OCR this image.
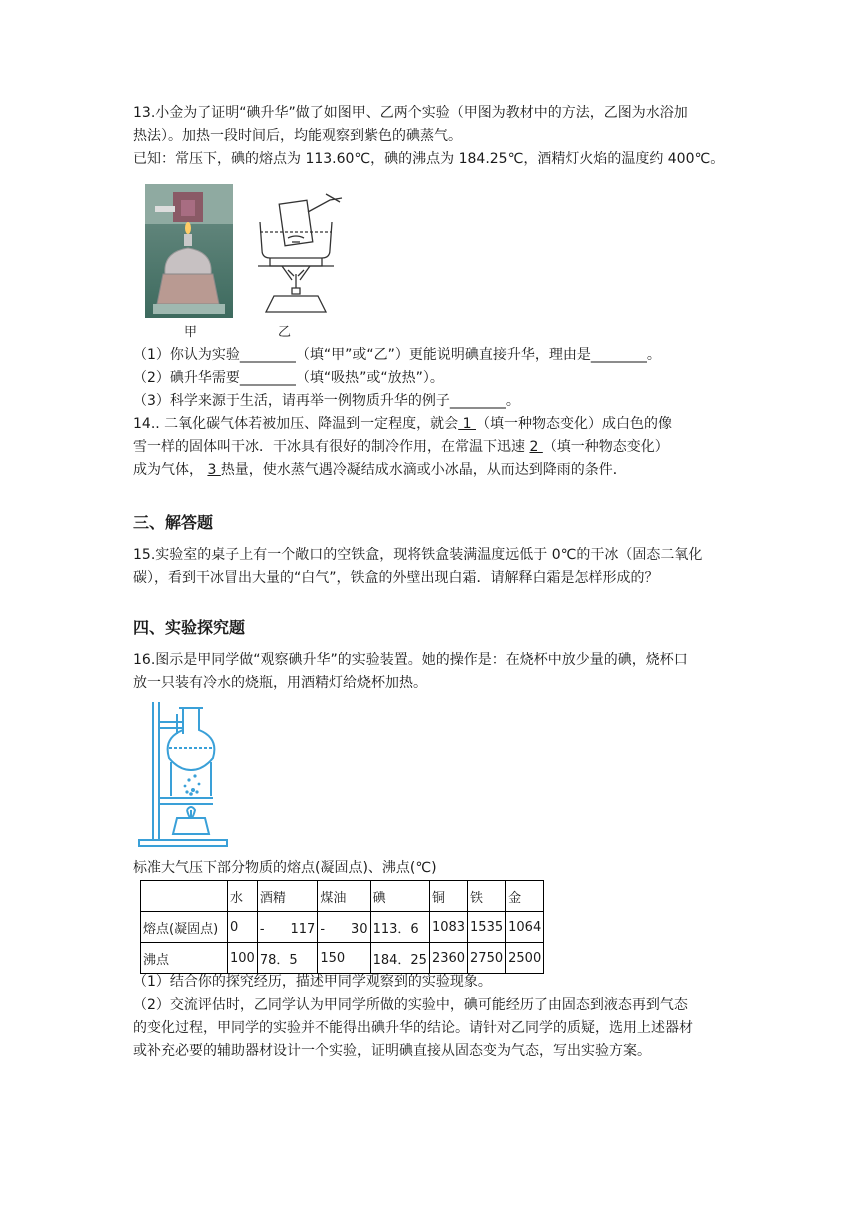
13.小金为了证明“碘升华”做了如图甲、乙两个实验（甲图为教材中的方法，乙图为水浴加

热法）。加热一段时间后，均能观察到紫色的碘蒸气。

已知：常压下，碘的熔点为 113.60℃，碘的沸点为 184.25℃，酒精灯火焰的温度约 400℃。

甲	乙

（1）你认为实验________（填“甲”或“乙”）更能说明碘直接升华，理由是________。

（2）碘升华需要________（填“吸热”或“放热”）。

（3）科学来源于生活，请再举一例物质升华的例子________。

14.. 二氧化碳气体若被加压、降温到一定程度，就会 1 （填一种物态变化）成白色的像

雪一样的固体叫干冰．干冰具有很好的制冷作用，在常温下迅速 2 （填一种物态变化）

成为气体， 3 热量，使水蒸气遇冷凝结成水滴或小冰晶，从而达到降雨的条件．

三、解答题

15.实验室的桌子上有一个敞口的空铁盒，现将铁盒装满温度远低于 0℃的干冰（固态二氧化

碳），看到干冰冒出大量的“白气”，铁盒的外壁出现白霜．请解释白霜是怎样形成的？

四、实验探究题

16.图示是甲同学做“观察碘升华”的实验装置。她的操作是：在烧杯中放少量的碘，烧杯口

放一只装有冷水的烧瓶，用酒精灯给烧杯加热。

标准大气压下部分物质的熔点(凝固点)、沸点(℃)

	水	酒精	煤油	碘	铜	铁	金
熔点(凝固点)	0	-　　117	-　　30	113．6	1083	1535	1064
沸点	100	78．5	150	184．25	2360	2750	2500

（1）结合你的探究经历，描述甲同学观察到的实验现象。

（2）交流评估时，乙同学认为甲同学所做的实验中，碘可能经历了由固态到液态再到气态

的变化过程，甲同学的实验并不能得出碘升华的结论。请针对乙同学的质疑，选用上述器材

或补充必要的辅助器材设计一个实验，证明碘直接从固态变为气态，写出实验方案。
